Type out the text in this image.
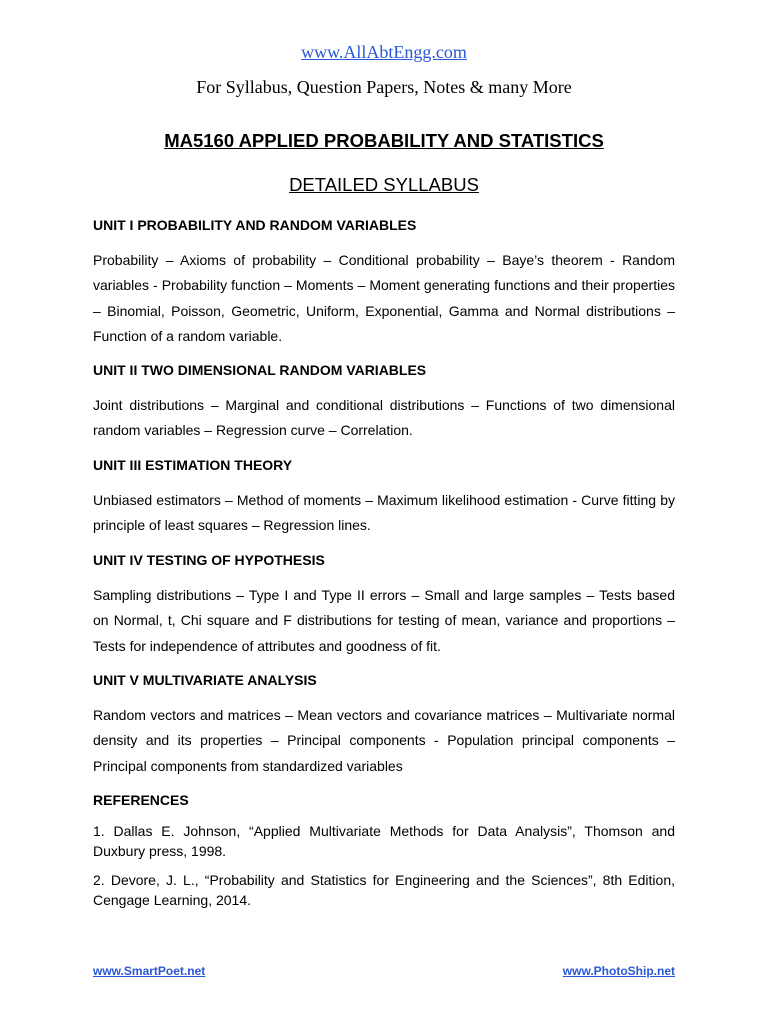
www.AllAbtEngg.com
For Syllabus, Question Papers, Notes & many More
MA5160 APPLIED PROBABILITY AND STATISTICS
DETAILED SYLLABUS
UNIT I PROBABILITY AND RANDOM VARIABLES

Probability – Axioms of probability – Conditional probability – Baye’s theorem - Random variables - Probability function – Moments – Moment generating functions and their properties – Binomial, Poisson, Geometric, Uniform, Exponential, Gamma and Normal distributions – Function of a random variable.

UNIT II TWO DIMENSIONAL RANDOM VARIABLES

Joint distributions – Marginal and conditional distributions – Functions of two dimensional random variables – Regression curve – Correlation.

UNIT III ESTIMATION THEORY

Unbiased estimators – Method of moments – Maximum likelihood estimation - Curve fitting by principle of least squares – Regression lines.

UNIT IV TESTING OF HYPOTHESIS

Sampling distributions – Type I and Type II errors – Small and large samples – Tests based on Normal, t, Chi square and F distributions for testing of mean, variance and proportions – Tests for independence of attributes and goodness of fit.

UNIT V MULTIVARIATE ANALYSIS

Random vectors and matrices – Mean vectors and covariance matrices – Multivariate normal density and its properties – Principal components - Population principal components – Principal components from standardized variables

REFERENCES

1. Dallas E. Johnson, “Applied Multivariate Methods for Data Analysis”, Thomson and Duxbury press, 1998.

2. Devore, J. L., “Probability and Statistics for Engineering and the Sciences”, 8th Edition, Cengage Learning, 2014.

www.SmartPoet.net	www.PhotoShip.net
